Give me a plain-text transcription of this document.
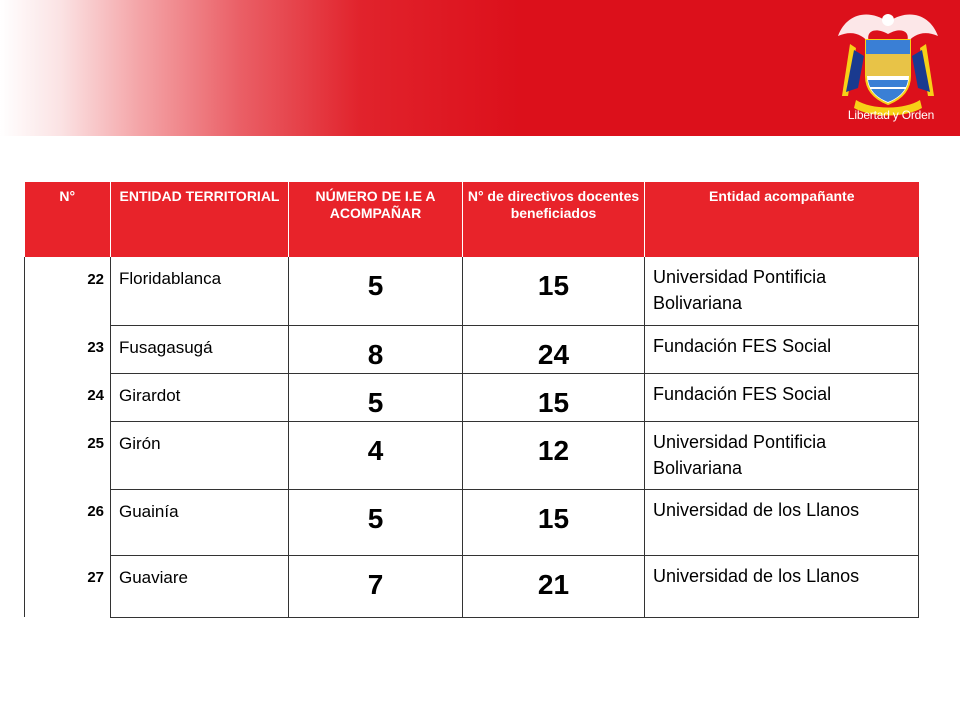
Libertad y Orden
N°	ENTIDAD TERRITORIAL	NÚMERO DE I.E A ACOMPAÑAR	N° de directivos docentes beneficiados	Entidad acompañante
22	Floridablanca	5	15	Universidad Pontificia Bolivariana
23	Fusagasugá	8	24	Fundación FES Social
24	Girardot	5	15	Fundación FES Social
25	Girón	4	12	Universidad Pontificia Bolivariana
26	Guainía	5	15	Universidad de los Llanos
27	Guaviare	7	21	Universidad de los Llanos
